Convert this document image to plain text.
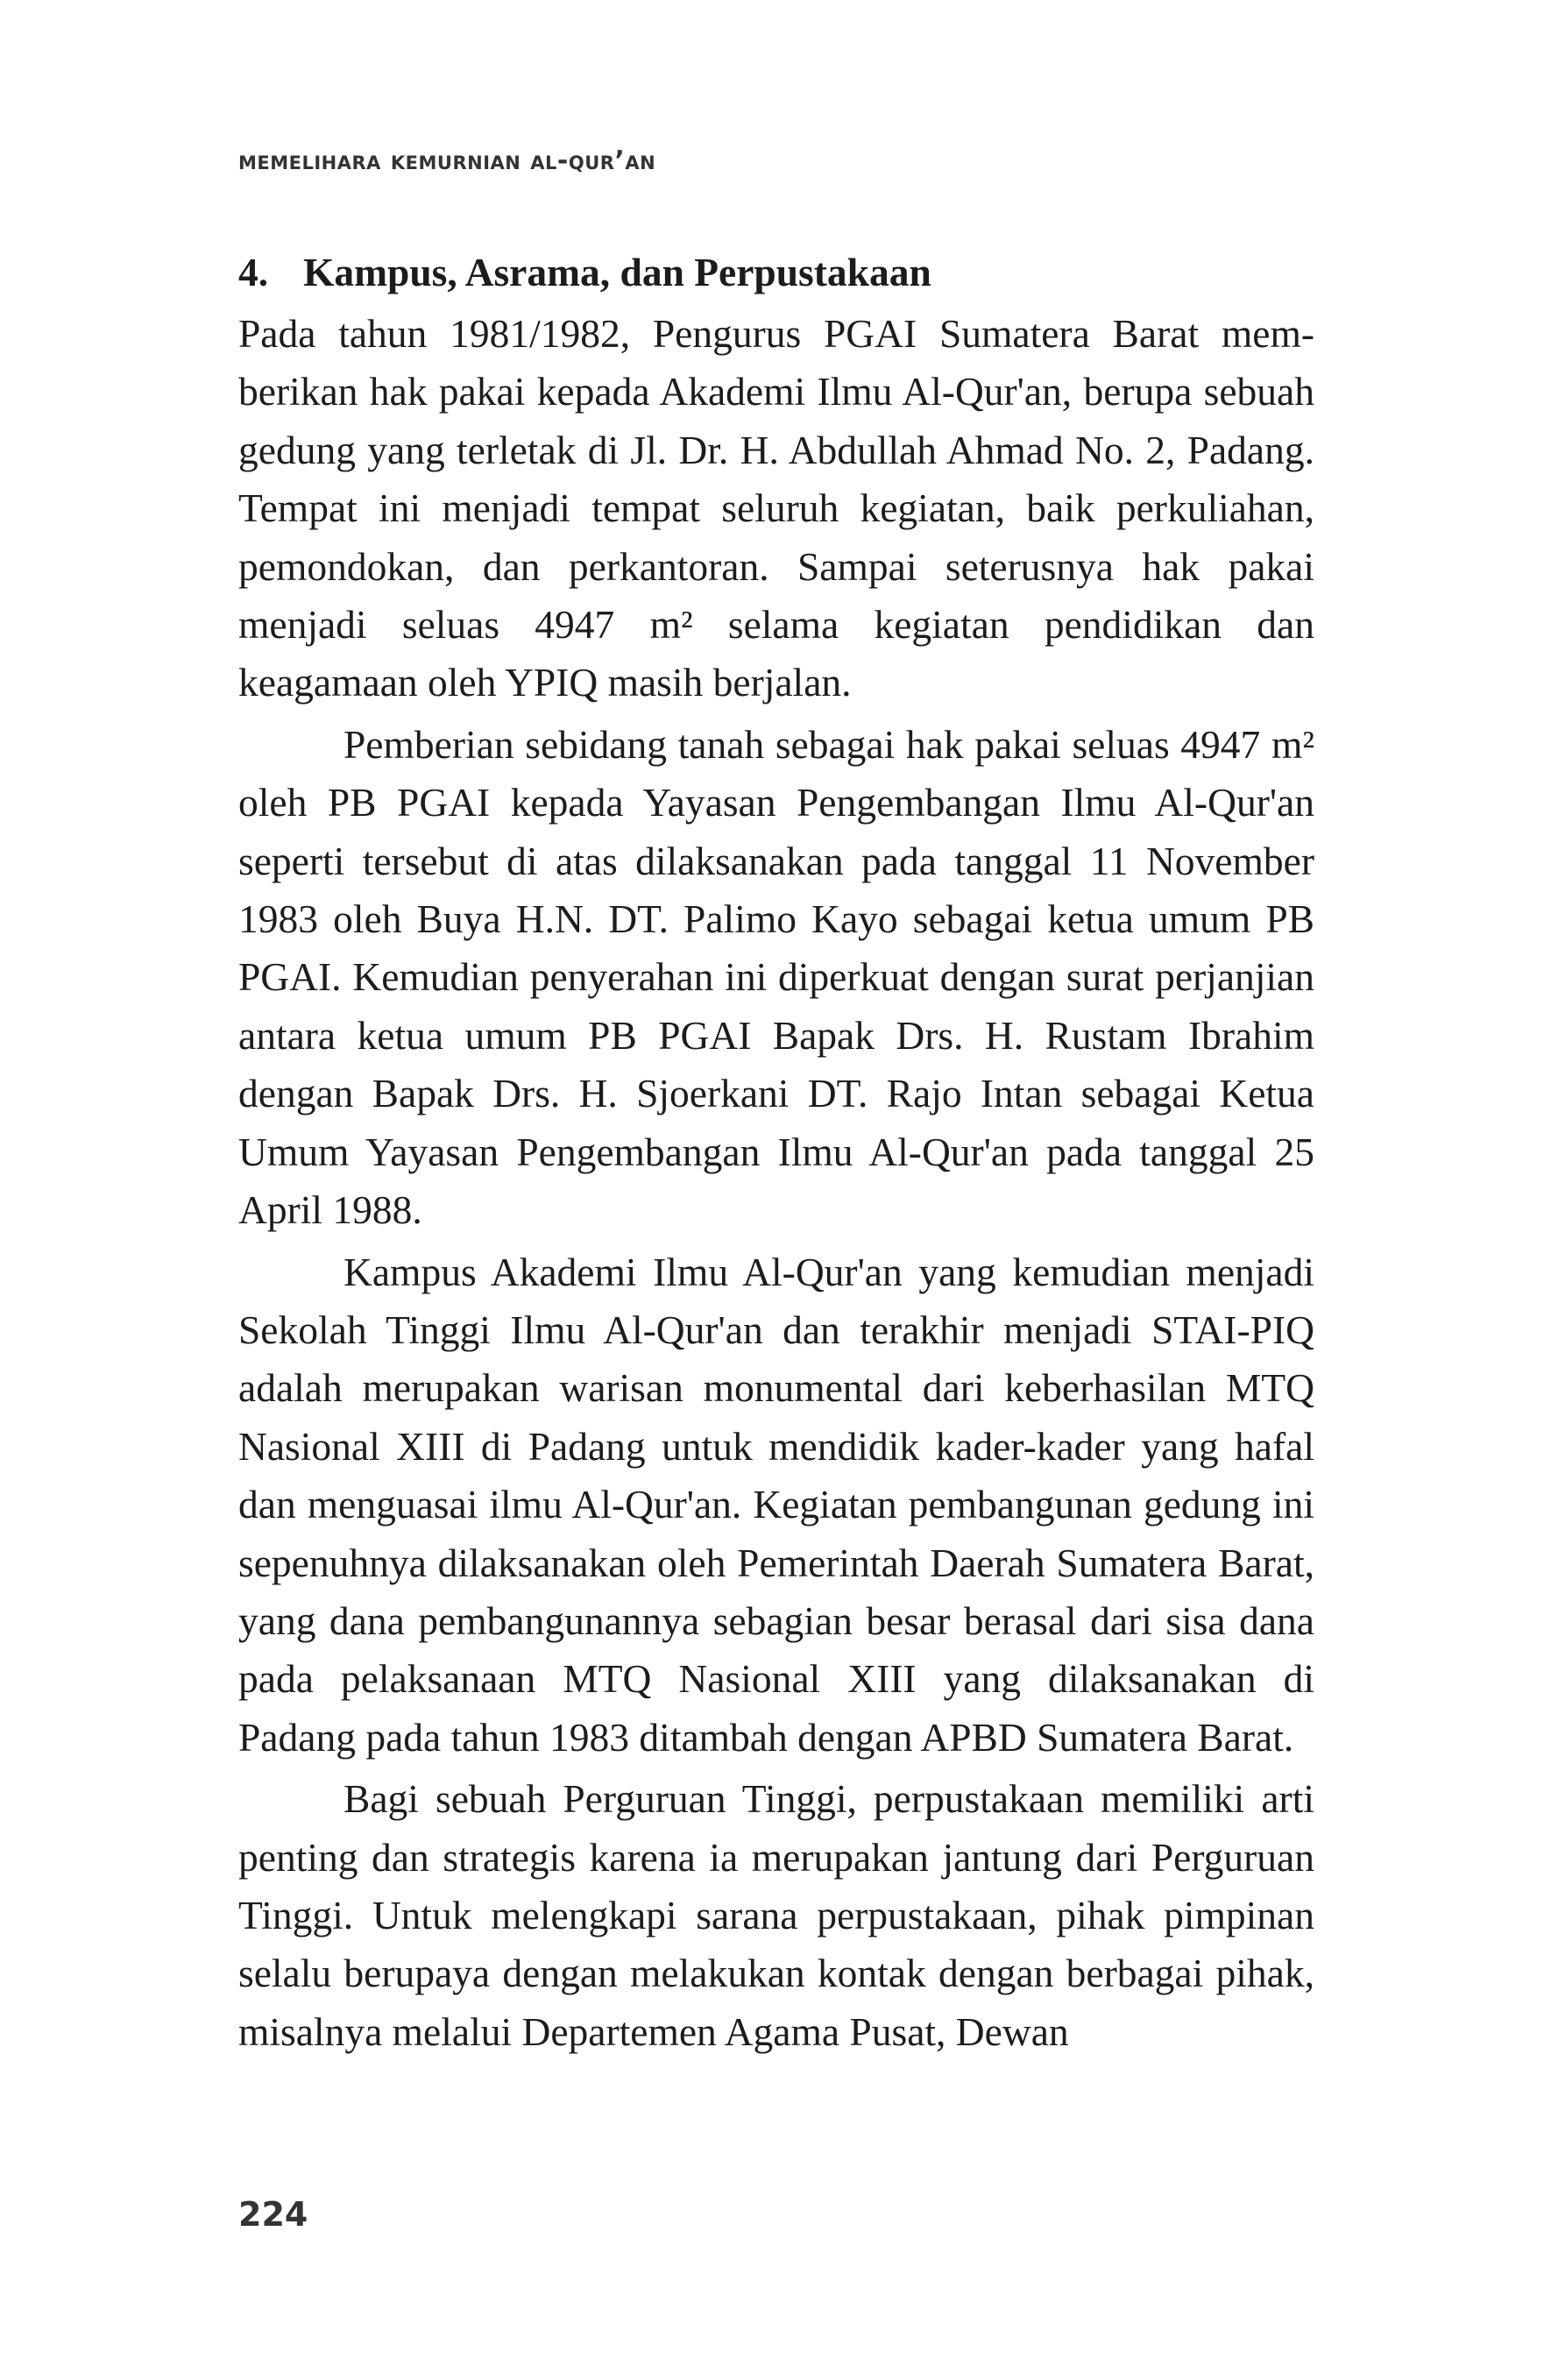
memelihara kemurnian al-qur’an
4. Kampus, Asrama, dan Perpustakaan

Pada tahun 1981/1982, Pengurus PGAI Sumatera Barat memberikan hak pakai kepada Akademi Ilmu Al-Qur'an, berupa sebuah gedung yang terletak di Jl. Dr. H. Abdullah Ahmad No. 2, Padang. Tempat ini menjadi tempat seluruh kegiatan, baik perkuliahan, pemondokan, dan perkantoran. Sampai seterusnya hak pakai menjadi seluas 4947 m² selama kegiatan pendidikan dan keagamaan oleh YPIQ masih berjalan.

Pemberian sebidang tanah sebagai hak pakai seluas 4947 m² oleh PB PGAI kepada Yayasan Pengembangan Ilmu Al-Qur'an seperti tersebut di atas dilaksanakan pada tanggal 11 November 1983 oleh Buya H.N. DT. Palimo Kayo sebagai ketua umum PB PGAI. Kemudian penyerahan ini diperkuat dengan surat perjanjian antara ketua umum PB PGAI Bapak Drs. H. Rustam Ibrahim dengan Bapak Drs. H. Sjoerkani DT. Rajo Intan sebagai Ketua Umum Yayasan Pengembangan Ilmu Al-Qur'an pada tanggal 25 April 1988.

Kampus Akademi Ilmu Al-Qur'an yang kemudian menjadi Sekolah Tinggi Ilmu Al-Qur'an dan terakhir menjadi STAI-PIQ adalah merupakan warisan monumental dari keberhasilan MTQ Nasional XIII di Padang untuk mendidik kader-kader yang hafal dan menguasai ilmu Al-Qur'an. Kegiatan pembangunan gedung ini sepenuhnya dilaksanakan oleh Pemerintah Daerah Sumatera Barat, yang dana pembangunannya sebagian besar berasal dari sisa dana pada pelaksanaan MTQ Nasional XIII yang dilaksanakan di Padang pada tahun 1983 ditambah dengan APBD Sumatera Barat.

Bagi sebuah Perguruan Tinggi, perpustakaan memiliki arti penting dan strategis karena ia merupakan jantung dari Perguruan Tinggi. Untuk melengkapi sarana perpustakaan, pihak pimpinan selalu berupaya dengan melakukan kontak dengan berbagai pihak, misalnya melalui Departemen Agama Pusat, Dewan

224
